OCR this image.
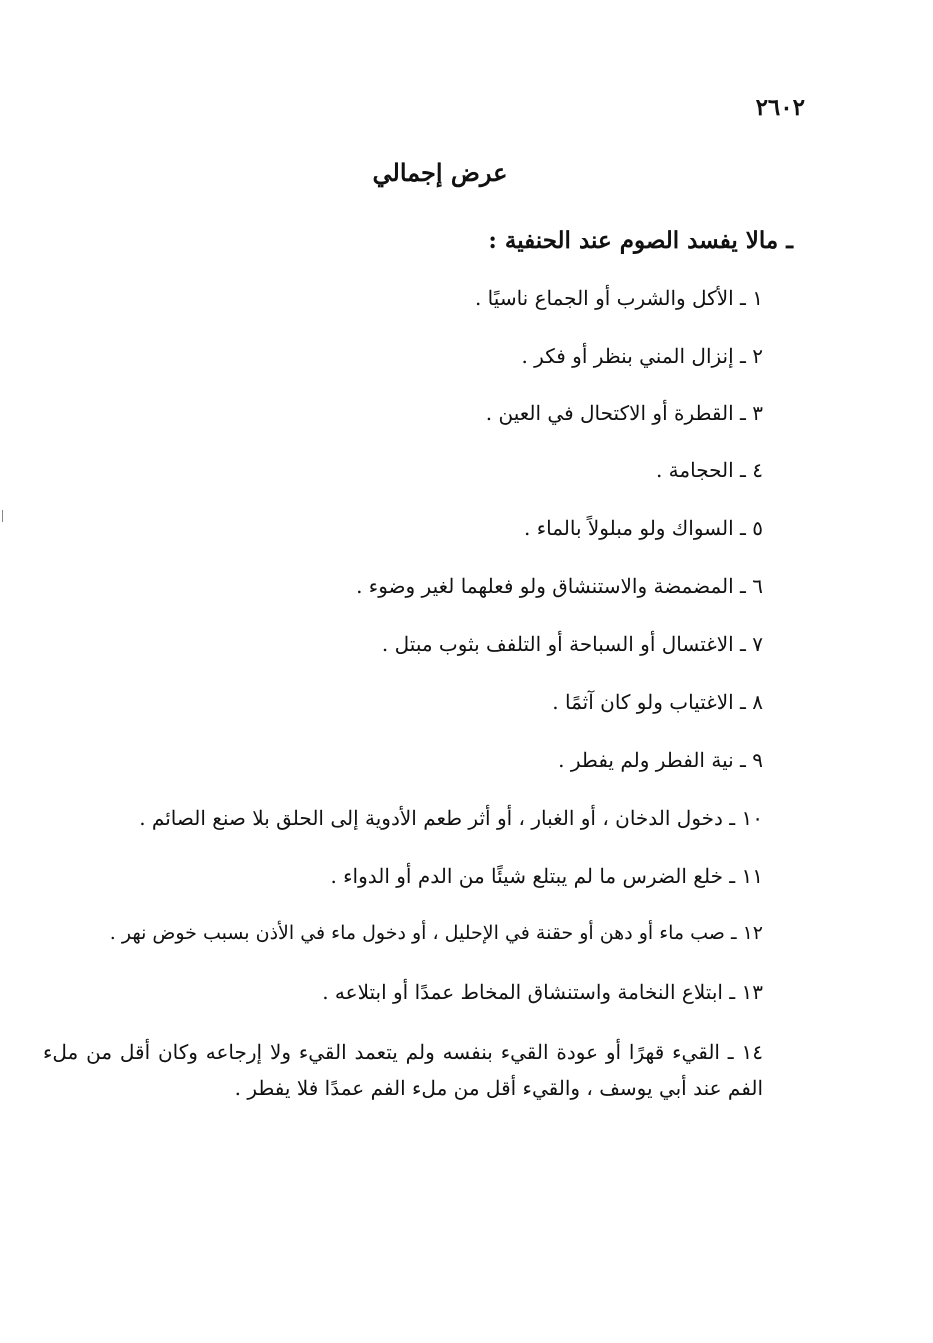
٢٦٠٢
عرض إجمالي
ـ مالا يفسد الصوم عند الحنفية :
١ ـ الأكل والشرب أو الجماع ناسيًا .
٢ ـ إنزال المني بنظر أو فكر .
٣ ـ القطرة أو الاكتحال في العين .
٤ ـ الحجامة .
٥ ـ السواك ولو مبلولاً بالماء .
٦ ـ المضمضة والاستنشاق ولو فعلهما لغير وضوء .
٧ ـ الاغتسال أو السباحة أو التلفف بثوب مبتل .
٨ ـ الاغتياب ولو كان آثمًا .
٩ ـ نية الفطر ولم يفطر .
١٠ ـ دخول الدخان ، أو الغبار ، أو أثر طعم الأدوية إلى الحلق بلا صنع الصائم .
١١ ـ خلع الضرس ما لم يبتلع شيئًا من الدم أو الدواء .
١٢ ـ صب ماء أو دهن أو حقنة في الإحليل ، أو دخول ماء في الأذن بسبب خوض نهر .
١٣ ـ ابتلاع النخامة واستنشاق المخاط عمدًا أو ابتلاعه .
١٤ ـ القيء قهرًا أو عودة القيء بنفسه ولم يتعمد القيء ولا إرجاعه وكان أقل من ملء الفم عند أبي يوسف ، والقيء أقل من ملء الفم عمدًا فلا يفطر .
